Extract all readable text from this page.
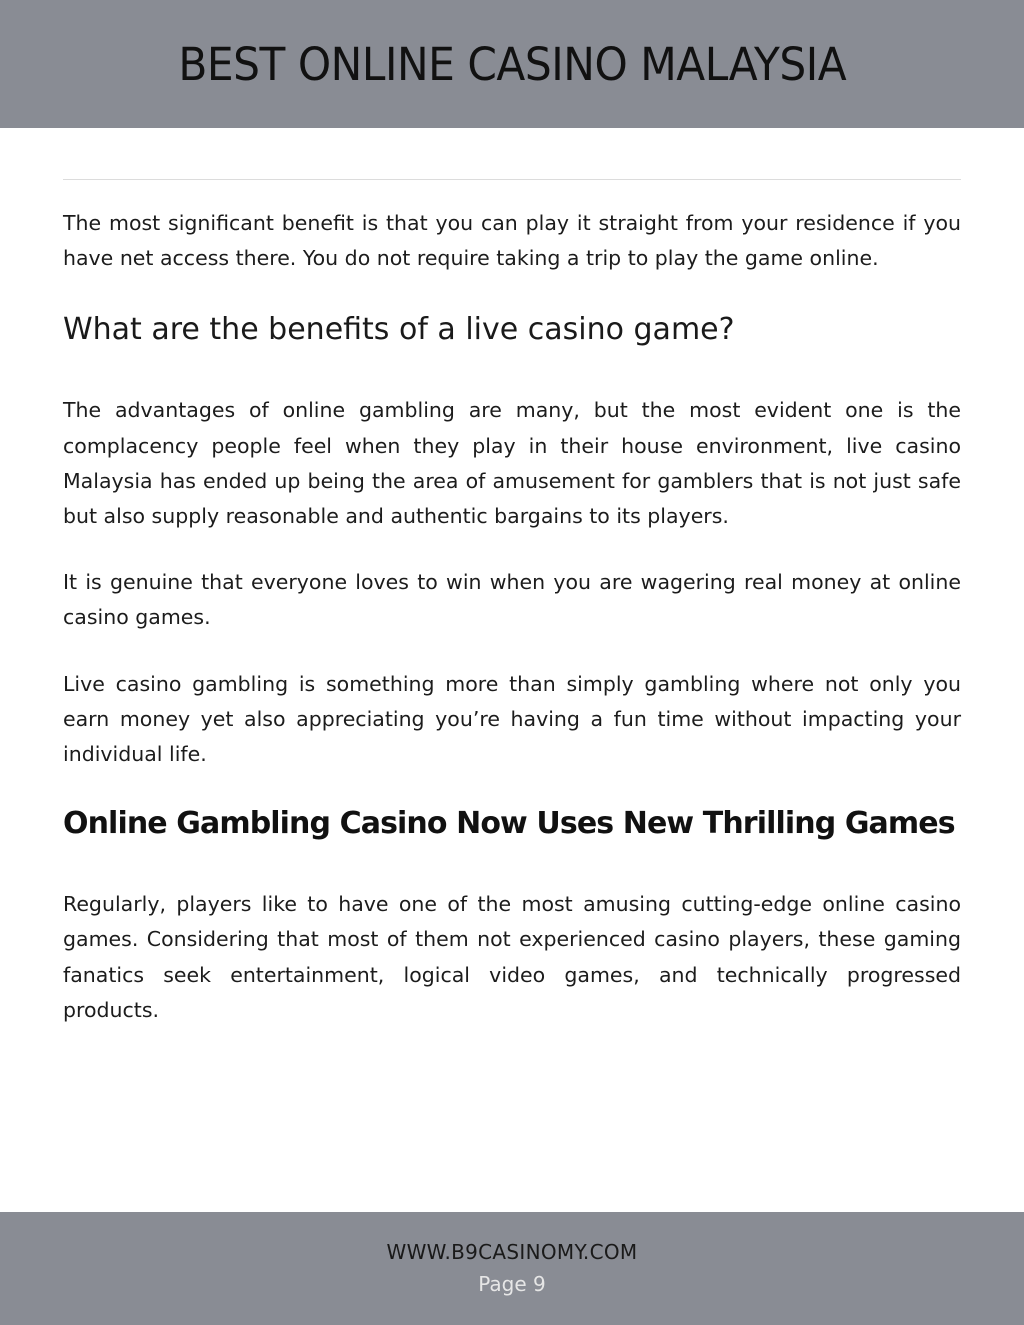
BEST ONLINE CASINO MALAYSIA

The most significant benefit is that you can play it straight from your residence if you have net access there. You do not require taking a trip to play the game online.

What are the benefits of a live casino game?

The advantages of online gambling are many, but the most evident one is the complacency people feel when they play in their house environment, live casino Malaysia has ended up being the area of amusement for gamblers that is not just safe but also supply reasonable and authentic bargains to its players.

It is genuine that everyone loves to win when you are wagering real money at online casino games.

Live casino gambling is something more than simply gambling where not only you earn money yet also appreciating you’re having a fun time without impacting your individual life.

Online Gambling Casino Now Uses New Thrilling Games

Regularly, players like to have one of the most amusing cutting-edge online casino games. Considering that most of them not experienced casino players, these gaming fanatics seek entertainment, logical video games, and technically progressed products.

WWW.B9CASINOMY.COM
Page 9
